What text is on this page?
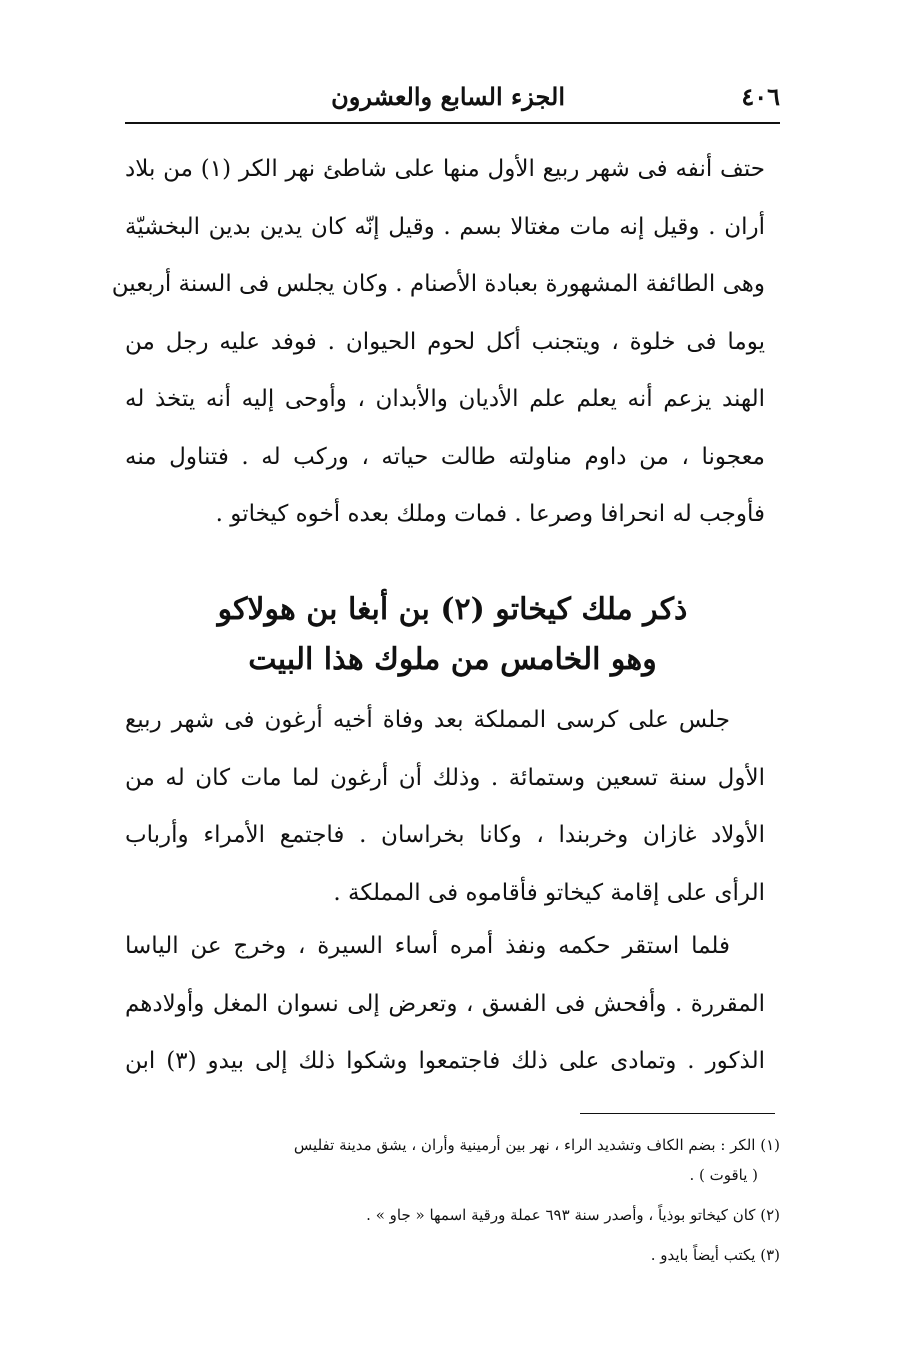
٤٠٦
الجزء السابع والعشرون
حتف أنفه فى شهر ربيع الأول منها على شاطئ نهر الكر (١) من بلاد
أران . وقيل إنه مات مغتالا بسم . وقيل إنّه كان يدين بدين البخشيّة
وهى الطائفة المشهورة بعبادة الأصنام . وكان يجلس فى السنة أربعين
يوما فى خلوة ، ويتجنب أكل لحوم الحيوان . فوفد عليه رجل من
الهند يزعم أنه يعلم علم الأديان والأبدان ، وأوحى إليه أنه يتخذ له
معجونا ، من داوم مناولته طالت حياته ، وركب له . فتناول منه
فأوجب له انحرافا وصرعا . فمات وملك بعده أخوه كيخاتو .
ذكر ملك كيخاتو (٢) بن أبغا بن هولاكو
وهو الخامس من ملوك هذا البيت
جلس على كرسى المملكة بعد وفاة أخيه أرغون فى شهر ربيع
الأول سنة تسعين وستمائة . وذلك أن أرغون لما مات كان له من
الأولاد غازان وخربندا ، وكانا بخراسان . فاجتمع الأمراء وأرباب
الرأى على إقامة كيخاتو فأقاموه فى المملكة .
فلما استقر حكمه ونفذ أمره أساء السيرة ، وخرج عن الياسا
المقررة . وأفحش فى الفسق ، وتعرض إلى نسوان المغل وأولادهم
الذكور . وتمادى على ذلك فاجتمعوا وشكوا ذلك إلى بيدو (٣) ابن
(١) الكر : بضم الكاف وتشديد الراء ، نهر بين أرمينية وأران ، يشق مدينة تفليس
( ياقوت ) .
(٢) كان كيخاتو بوذياً ، وأصدر سنة ٦٩٣ عملة ورقية اسمها « جاو » .
(٣) يكتب أيضاً بايدو .
